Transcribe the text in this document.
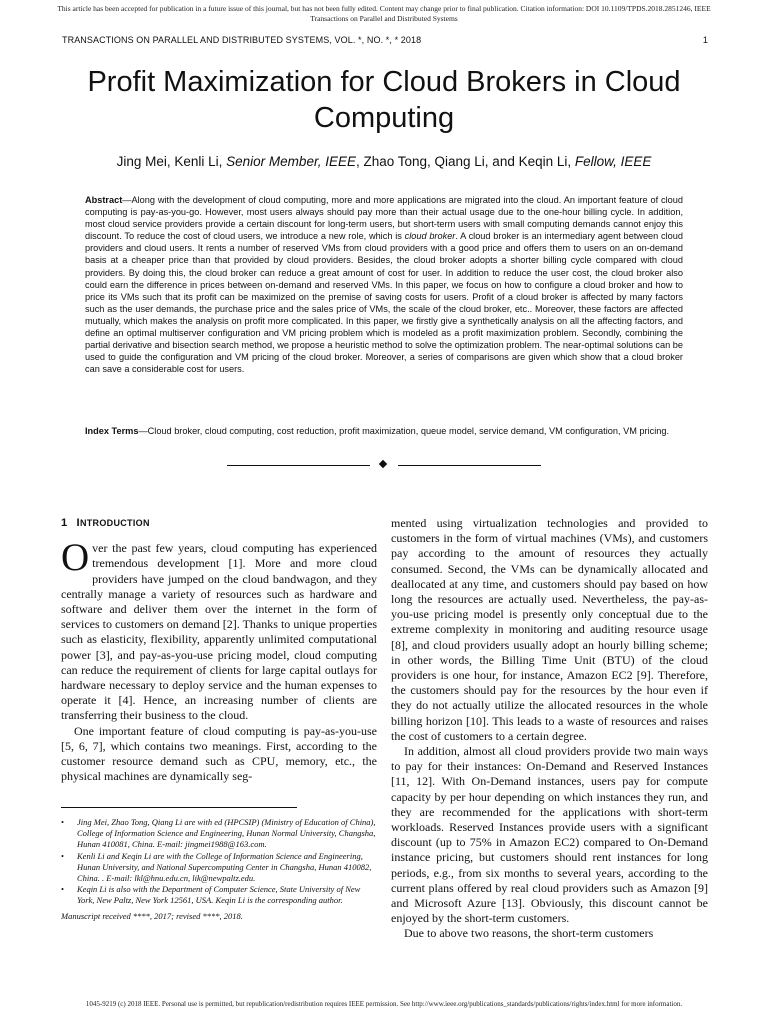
This article has been accepted for publication in a future issue of this journal, but has not been fully edited. Content may change prior to final publication. Citation information: DOI 10.1109/TPDS.2018.2851246, IEEE
Transactions on Parallel and Distributed Systems
TRANSACTIONS ON PARALLEL AND DISTRIBUTED SYSTEMS, VOL. *, NO. *, * 2018	1
Profit Maximization for Cloud Brokers in Cloud Computing
Jing Mei, Kenli Li, Senior Member, IEEE, Zhao Tong, Qiang Li, and Keqin Li, Fellow, IEEE
Abstract—Along with the development of cloud computing, more and more applications are migrated into the cloud. An important feature of cloud computing is pay-as-you-go. However, most users always should pay more than their actual usage due to the one-hour billing cycle. In addition, most cloud service providers provide a certain discount for long-term users, but short-term users with small computing demands cannot enjoy this discount. To reduce the cost of cloud users, we introduce a new role, which is cloud broker. A cloud broker is an intermediary agent between cloud providers and cloud users. It rents a number of reserved VMs from cloud providers with a good price and offers them to users on an on-demand basis at a cheaper price than that provided by cloud providers. Besides, the cloud broker adopts a shorter billing cycle compared with cloud providers. By doing this, the cloud broker can reduce a great amount of cost for user. In addition to reduce the user cost, the cloud broker also could earn the difference in prices between on-demand and reserved VMs. In this paper, we focus on how to configure a cloud broker and how to price its VMs such that its profit can be maximized on the premise of saving costs for users. Profit of a cloud broker is affected by many factors such as the user demands, the purchase price and the sales price of VMs, the scale of the cloud broker, etc.. Moreover, these factors are affected mutually, which makes the analysis on profit more complicated. In this paper, we firstly give a synthetically analysis on all the affecting factors, and define an optimal multiserver configuration and VM pricing problem which is modeled as a profit maximization problem. Secondly, combining the partial derivative and bisection search method, we propose a heuristic method to solve the optimization problem. The near-optimal solutions can be used to guide the configuration and VM pricing of the cloud broker. Moreover, a series of comparisons are given which show that a cloud broker can save a considerable cost for users.
Index Terms—Cloud broker, cloud computing, cost reduction, profit maximization, queue model, service demand, VM configuration, VM pricing.
1 INTRODUCTION

Over the past few years, cloud computing has experienced tremendous development [1]. More and more cloud providers have jumped on the cloud bandwagon, and they centrally manage a variety of resources such as hardware and software and deliver them over the internet in the form of services to customers on demand [2]. Thanks to unique properties such as elasticity, flexibility, apparently unlimited computational power [3], and pay-as-you-use pricing model, cloud computing can reduce the requirement of clients for large capital outlays for hardware necessary to deploy service and the human expenses to operate it [4]. Hence, an increasing number of clients are transferring their business to the cloud.

One important feature of cloud computing is pay-as-you-use [5, 6, 7], which contains two meanings. First, according to the customer resource demand such as CPU, memory, etc., the physical machines are dynamically seg-

• Jing Mei, Zhao Tong, Qiang Li are with ed (HPCSIP) (Ministry of Education of China), College of Information Science and Engineering, Hunan Normal University, Changsha, Hunan 410081, China. E-mail: jingmei1988@163.com.
• Kenli Li and Keqin Li are with the College of Information Science and Engineering, Hunan University, and National Supercomputing Center in Changsha, Hunan 410082, China. . E-mail: lkl@hnu.edu.cn, lik@newpaltz.edu.
• Keqin Li is also with the Department of Computer Science, State University of New York, New Paltz, New York 12561, USA. Keqin Li is the corresponding author.
Manuscript received ****, 2017; revised ****, 2018.

mented using virtualization technologies and provided to customers in the form of virtual machines (VMs), and customers pay according to the amount of resources they actually consumed. Second, the VMs can be dynamically allocated and deallocated at any time, and customers should pay based on how long the resources are actually used. Nevertheless, the pay-as-you-use pricing model is presently only conceptual due to the extreme complexity in monitoring and auditing resource usage [8], and cloud providers usually adopt an hourly billing scheme; in other words, the Billing Time Unit (BTU) of the cloud providers is one hour, for instance, Amazon EC2 [9]. Therefore, the customers should pay for the resources by the hour even if they do not actually utilize the allocated resources in the whole billing horizon [10]. This leads to a waste of resources and raises the cost of customers to a certain degree.

In addition, almost all cloud providers provide two main ways to pay for their instances: On-Demand and Reserved Instances [11, 12]. With On-Demand instances, users pay for compute capacity by per hour depending on which instances they run, and they are recommended for the applications with short-term workloads. Reserved Instances provide users with a significant discount (up to 75% in Amazon EC2) compared to On-Demand instance pricing, but customers should rent instances for long periods, e.g., from six months to several years, according to the current plans offered by real cloud providers such as Amazon [9] and Microsoft Azure [13]. Obviously, this discount cannot be enjoyed by the short-term customers.

Due to above two reasons, the short-term customers

1045-9219 (c) 2018 IEEE. Personal use is permitted, but republication/redistribution requires IEEE permission. See http://www.ieee.org/publications_standards/publications/rights/index.html for more information.
